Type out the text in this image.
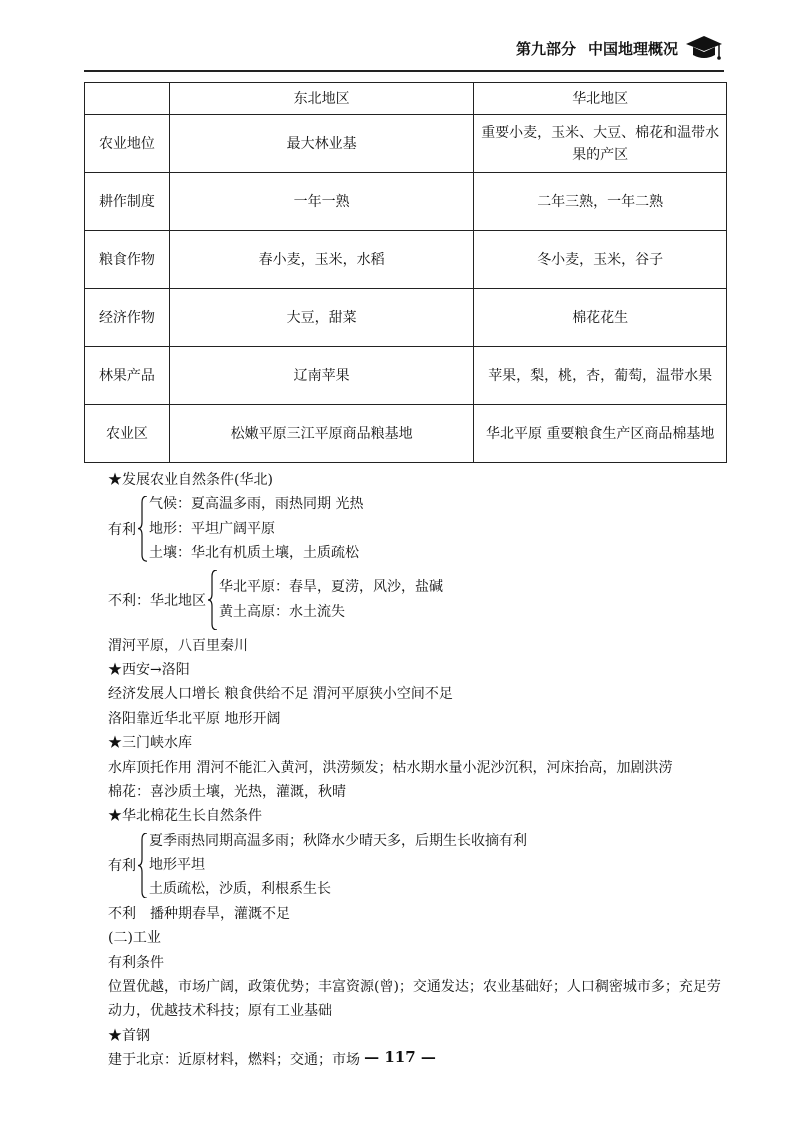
第九部分 中国地理概况
	东北地区	华北地区
农业地位	最大林业基	重要小麦，玉米、大豆、棉花和温带水果的产区
耕作制度	一年一熟	二年三熟，一年二熟
粮食作物	春小麦，玉米，水稻	冬小麦，玉米，谷子
经济作物	大豆，甜菜	棉花花生
林果产品	辽南苹果	苹果，梨，桃，杏，葡萄，温带水果
农业区	松嫩平原三江平原商品粮基地	华北平原 重要粮食生产区商品棉基地
★发展农业自然条件(华北)
有利
气候：夏高温多雨，雨热同期 光热
地形：平坦广阔平原
土壤：华北有机质土壤，土质疏松
不利：华北地区
华北平原：春旱，夏涝，风沙，盐碱
黄土高原：水土流失
渭河平原，八百里秦川
★西安→洛阳
经济发展人口增长 粮食供给不足 渭河平原狭小空间不足
洛阳靠近华北平原 地形开阔
★三门峡水库
水库顶托作用 渭河不能汇入黄河，洪涝频发；枯水期水量小泥沙沉积，河床抬高，加剧洪涝
棉花：喜沙质土壤，光热，灌溉，秋晴
★华北棉花生长自然条件
有利
夏季雨热同期高温多雨；秋降水少晴天多，后期生长收摘有利
地形平坦
土质疏松，沙质，利根系生长
不利　播种期春旱，灌溉不足
(二)工业
有利条件
位置优越，市场广阔，政策优势；丰富资源(曾)；交通发达；农业基础好；人口稠密城市多；充足劳动力，优越技术科技；原有工业基础
★首钢
建于北京：近原材料，燃料；交通；市场 — 117 —
